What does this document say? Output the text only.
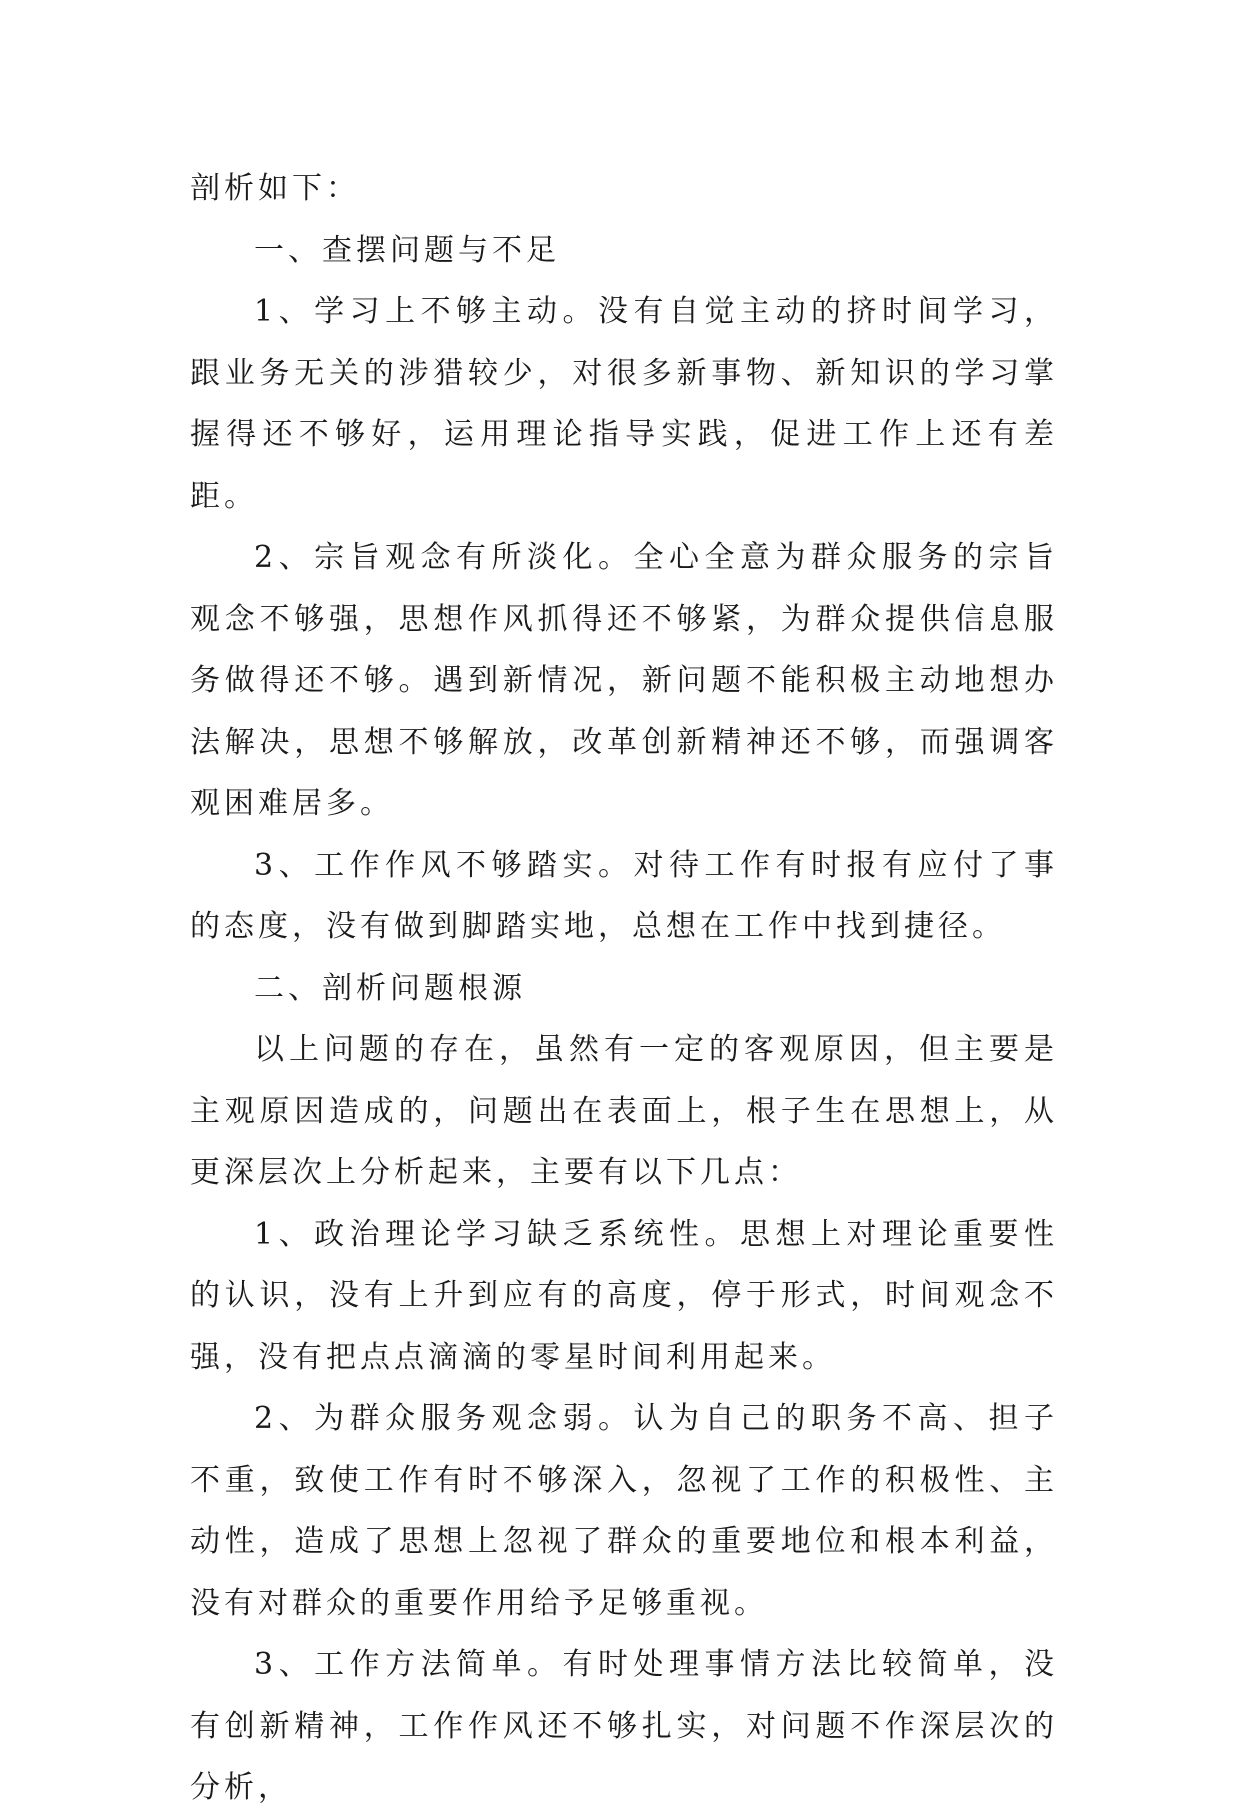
剖析如下：

一、查摆问题与不足

1、学习上不够主动。没有自觉主动的挤时间学习，跟业务无关的涉猎较少，对很多新事物、新知识的学习掌握得还不够好，运用理论指导实践，促进工作上还有差距。

2、宗旨观念有所淡化。全心全意为群众服务的宗旨观念不够强，思想作风抓得还不够紧，为群众提供信息服务做得还不够。遇到新情况，新问题不能积极主动地想办法解决，思想不够解放，改革创新精神还不够，而强调客观困难居多。

3、工作作风不够踏实。对待工作有时报有应付了事的态度，没有做到脚踏实地，总想在工作中找到捷径。

二、剖析问题根源

以上问题的存在，虽然有一定的客观原因，但主要是主观原因造成的，问题出在表面上，根子生在思想上，从更深层次上分析起来，主要有以下几点：

1、政治理论学习缺乏系统性。思想上对理论重要性的认识，没有上升到应有的高度，停于形式，时间观念不强，没有把点点滴滴的零星时间利用起来。

2、为群众服务观念弱。认为自己的职务不高、担子不重，致使工作有时不够深入，忽视了工作的积极性、主动性，造成了思想上忽视了群众的重要地位和根本利益，没有对群众的重要作用给予足够重视。

3、工作方法简单。有时处理事情方法比较简单，没有创新精神，工作作风还不够扎实，对问题不作深层次的分析，
